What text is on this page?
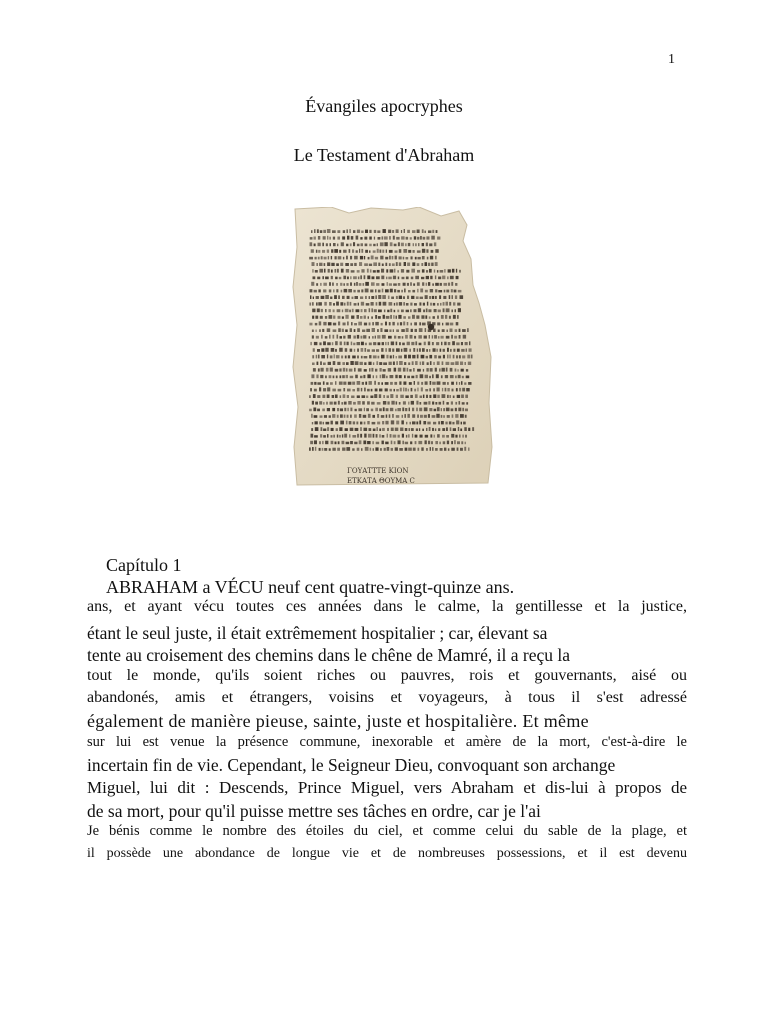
1
Évangiles apocryphes
Le Testament d'Abraham
ΓΟΥΑΤΤΤΕ ΚΙΟΝ
ΕΤΚΑΤΑ ΘΟΥΜΑ Ϲ
Capítulo 1
ABRAHAM a VÉCU neuf cent quatre-vingt-quinze ans.
ans, et ayant vécu toutes ces années dans le calme, la gentillesse et la justice,
étant le seul juste, il était extrêmement hospitalier ; car, élevant sa
tente au croisement des chemins dans le chêne de Mamré, il a reçu la
tout le monde, qu'ils soient riches ou pauvres, rois et gouvernants, aisé ou
abandonés, amis et étrangers, voisins et voyageurs, à tous il s'est adressé
également de manière pieuse, sainte, juste et hospitalière. Et même
sur lui est venue la présence commune, inexorable et amère de la mort, c'est-à-dire le
incertain fin de vie. Cependant, le Seigneur Dieu, convoquant son archange
Miguel, lui dit : Descends, Prince Miguel, vers Abraham et dis-lui à propos de
de sa mort, pour qu'il puisse mettre ses tâches en ordre, car je l'ai
Je bénis comme le nombre des étoiles du ciel, et comme celui du sable de la plage, et
il possède une abondance de longue vie et de nombreuses possessions, et il est devenu
